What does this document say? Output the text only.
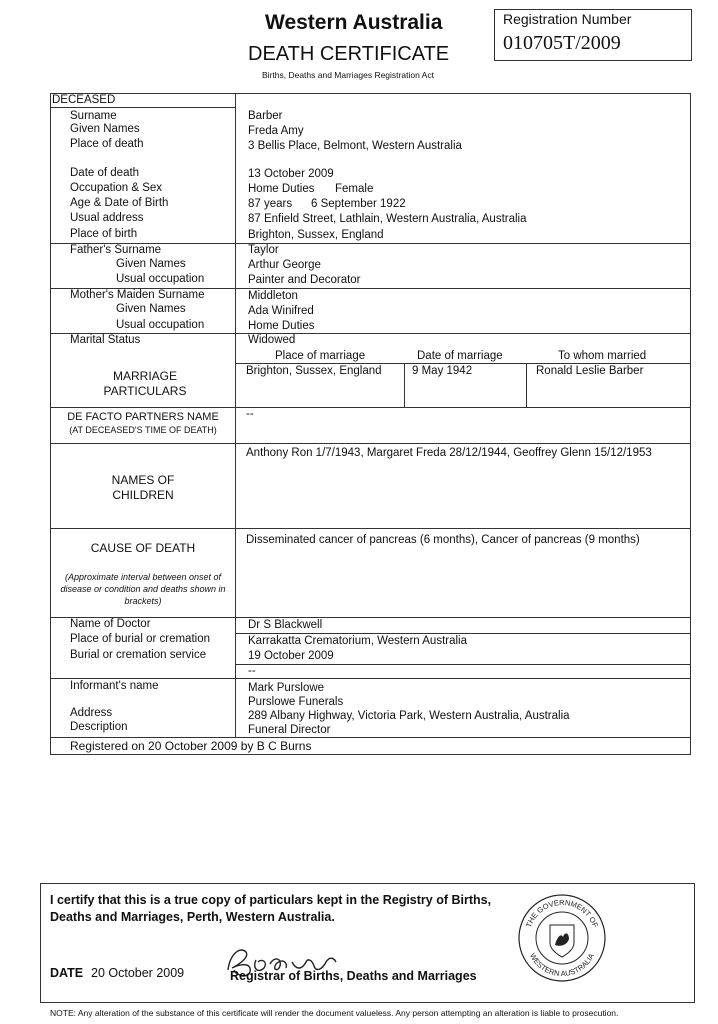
Western Australia
DEATH CERTIFICATE
Births, Deaths and Marriages Registration Act
Registration Number
010705T/2009
DECEASED
Surname	Barber
Given Names	Freda Amy
Place of death	3 Bellis Place, Belmont, Western Australia
Date of death	13 October 2009
Occupation & Sex	Home Duties Female
Age & Date of Birth	87 years 6 September 1922
Usual address	87 Enfield Street, Lathlain, Western Australia, Australia
Place of birth	Brighton, Sussex, England
Father's Surname	Taylor
Given Names	Arthur George
Usual occupation	Painter and Decorator
Mother's Maiden Surname	Middleton
Given Names	Ada Winifred
Usual occupation	Home Duties
Marital Status	Widowed
MARRIAGE
PARTICULARS
Place of marriage	Date of marriage	To whom married
Brighton, Sussex, England	9 May 1942	Ronald Leslie Barber
DE FACTO PARTNERS NAME
(AT DECEASED'S TIME OF DEATH)
--
NAMES OF
CHILDREN
Anthony Ron 1/7/1943, Margaret Freda 28/12/1944, Geoffrey Glenn 15/12/1953
CAUSE OF DEATH
(Approximate interval between onset of
disease or condition and deaths shown in
brackets)
Disseminated cancer of pancreas (6 months), Cancer of pancreas (9 months)
Name of Doctor	Dr S Blackwell
Place of burial or cremation	Karrakatta Crematorium, Western Australia
Burial or cremation service	19 October 2009
--
Informant's name	Mark Purslowe
Purslowe Funerals
Address	289 Albany Highway, Victoria Park, Western Australia, Australia
Description	Funeral Director
Registered on 20 October 2009 by B C Burns
I certify that this is a true copy of particulars kept in the Registry of Births, Deaths and Marriages, Perth, Western Australia.
DATE 20 October 2009	Registrar of Births, Deaths and Marriages
THE GOVERNMENT OF
WESTERN AUSTRALIA
NOTE: Any alteration of the substance of this certificate will render the document valueless. Any person attempting an alteration is liable to prosecution.
